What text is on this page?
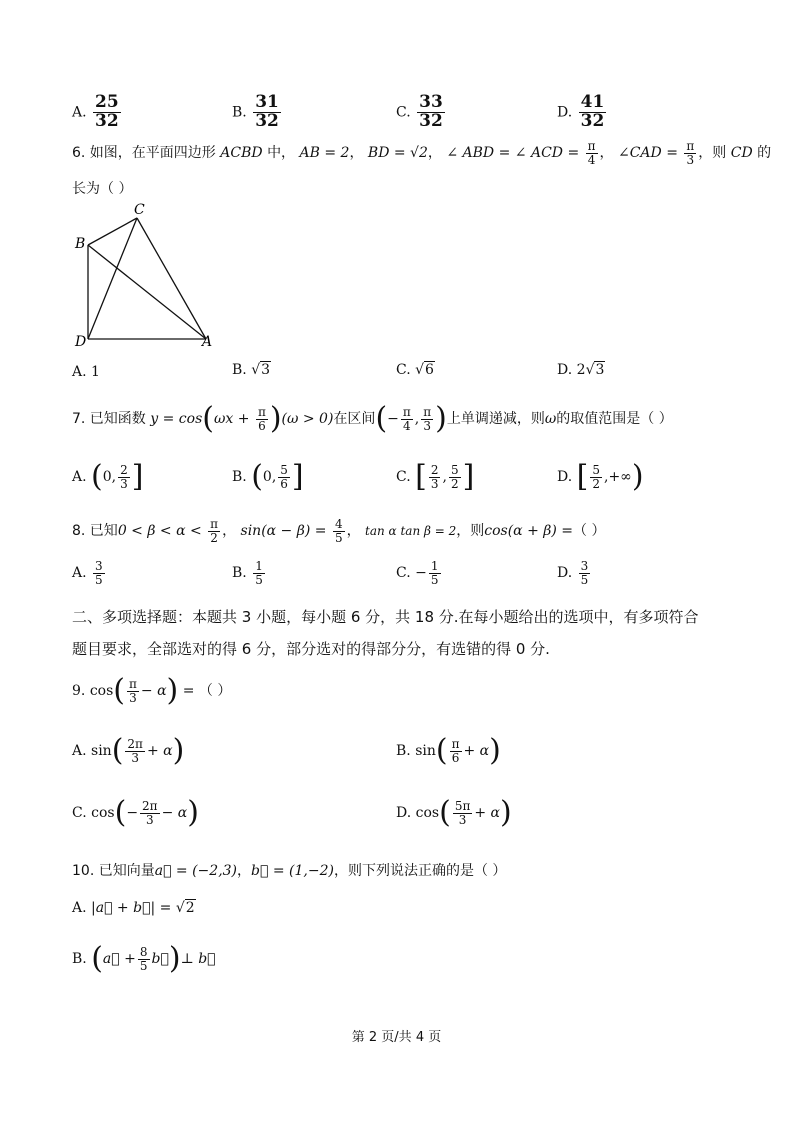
A. $\frac{25}{32}$	B. $\frac{31}{32}$	C. $\frac{33}{32}$	D. $\frac{41}{32}$
6. 如图，在平面四边形 ACBD 中， AB = 2， BD = √2， ∠ ABD = ∠ ACD = $\frac{\pi}{4}$ ， ∠CAD = $\frac{\pi}{3}$ ，则 CD 的
长为（ ）
C
B
D	A
A. 1	B. √3	C. √6	D. 2√3
7. 已知函数 $y = \cos(\omega x + \frac{\pi}{6} )(\omega > 0)$在区间(− $\frac{\pi}{4}$ , $\frac{\pi}{3}$ )上单调递减，则ω的取值范围是（ ）
A. (0, $\frac{2}{3}$ ]	B. (0, $\frac{5}{6}$ ]	C. [ $\frac{2}{3}$ , $\frac{5}{2}$ ]	D. [ $\frac{5}{2}$ ,+∞)
8. 已知$0 < \beta < \alpha < \frac{\pi}{2}$ ， $\sin(\alpha - \beta) = \frac{4}{5}$ ， tan α tan β = 2，则cos(α + β) =（ ）
A. $\frac{3}{5}$	B. $\frac{1}{5}$	C. − $\frac{1}{5}$	D. $\frac{3}{5}$
二、多项选择题：本题共 3 小题，每小题 6 分，共 18 分.在每小题给出的选项中，有多项符合
题目要求，全部选对的得 6 分，部分选对的得部分分，有选错的得 0 分.
9. $\cos( \frac{\pi}{3} - \alpha)$ = （ ）
A. $\sin( \frac{2\pi}{3} + \alpha)$	B. $\sin( \frac{\pi}{6} + \alpha)$
C. $\cos(- \frac{2\pi}{3} - \alpha)$	D. $\cos( \frac{5\pi}{3} + \alpha)$
10. 已知向量a⃗ = (−2,3)，b⃗ = (1,−2)，则下列说法正确的是（ ）
A. |a⃗ + b⃗| = √2
B. (a⃗ + $\frac{8}{5}$ b⃗)⊥ b⃗
第 2 页/共 4 页
